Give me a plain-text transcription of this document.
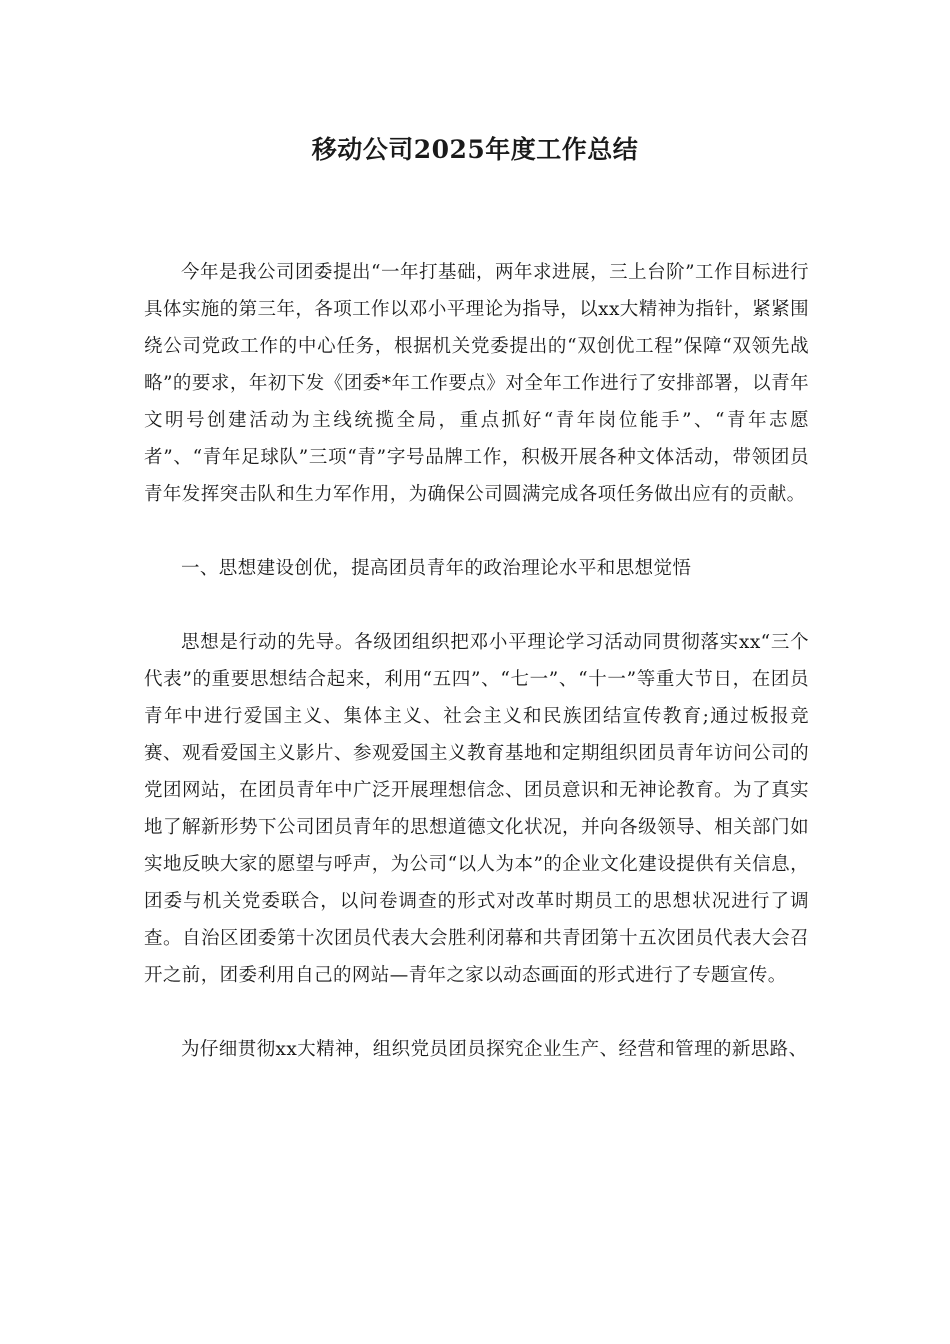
移动公司2025年度工作总结

今年是我公司团委提出“一年打基础，两年求进展，三上台阶”工作目标进行具体实施的第三年，各项工作以邓小平理论为指导，以xx大精神为指针，紧紧围绕公司党政工作的中心任务，根据机关党委提出的“双创优工程”保障“双领先战略”的要求，年初下发《团委*年工作要点》对全年工作进行了安排部署，以青年文明号创建活动为主线统揽全局，重点抓好“青年岗位能手”、“青年志愿者”、“青年足球队”三项“青”字号品牌工作，积极开展各种文体活动，带领团员青年发挥突击队和生力军作用，为确保公司圆满完成各项任务做出应有的贡献。

一、思想建设创优，提高团员青年的政治理论水平和思想觉悟

思想是行动的先导。各级团组织把邓小平理论学习活动同贯彻落实xx“三个代表”的重要思想结合起来，利用“五四”、“七一”、“十一”等重大节日，在团员青年中进行爱国主义、集体主义、社会主义和民族团结宣传教育;通过板报竞赛、观看爱国主义影片、参观爱国主义教育基地和定期组织团员青年访问公司的党团网站，在团员青年中广泛开展理想信念、团员意识和无神论教育。为了真实地了解新形势下公司团员青年的思想道德文化状况，并向各级领导、相关部门如实地反映大家的愿望与呼声，为公司“以人为本”的企业文化建设提供有关信息，团委与机关党委联合，以问卷调查的形式对改革时期员工的思想状况进行了调查。自治区团委第十次团员代表大会胜利闭幕和共青团第十五次团员代表大会召开之前，团委利用自己的网站—青年之家以动态画面的形式进行了专题宣传。

为仔细贯彻xx大精神，组织党员团员探究企业生产、经营和管理的新思路、
